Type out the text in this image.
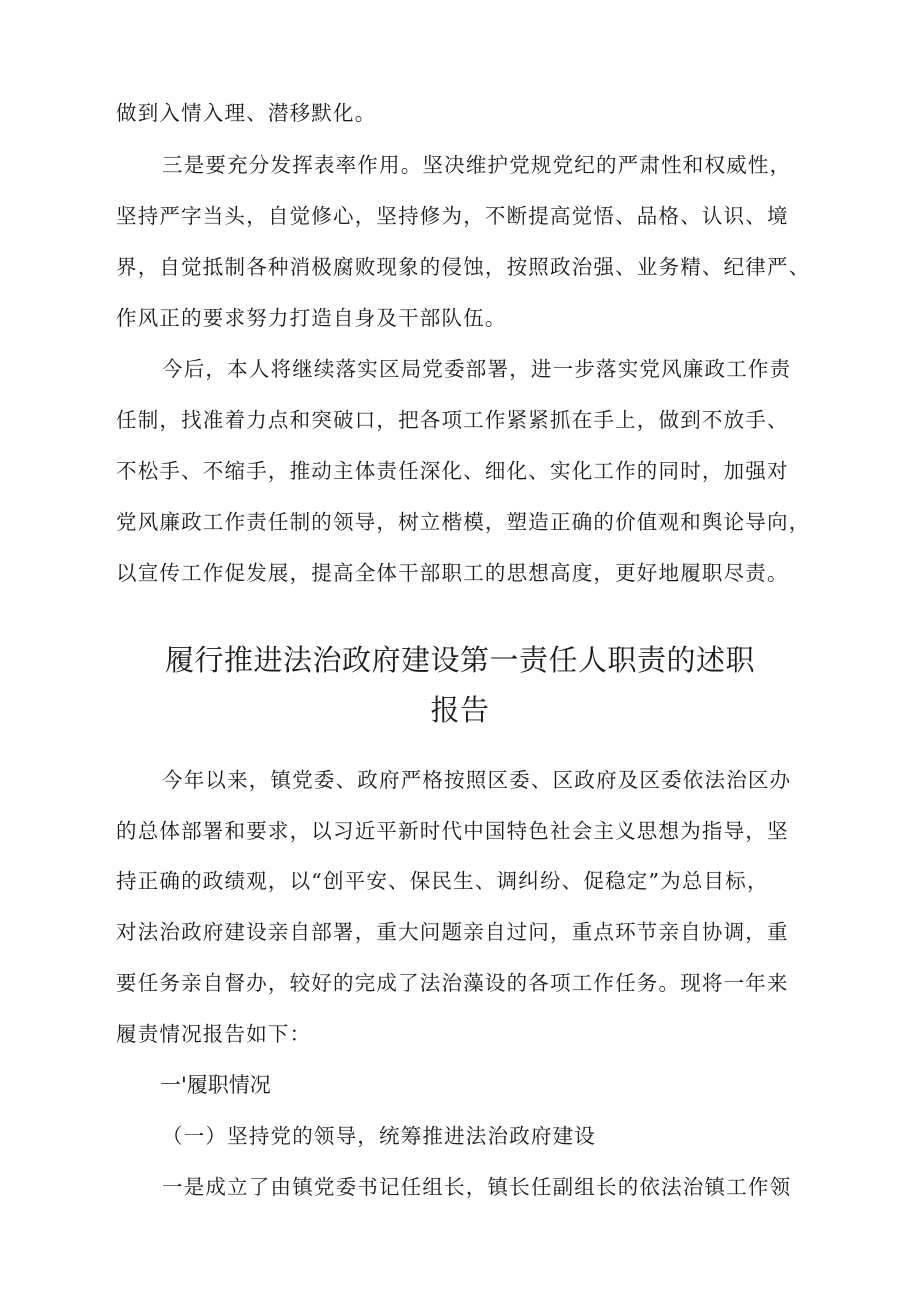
做到入情入理、潜移默化。
三是要充分发挥表率作用。坚决维护党规党纪的严肃性和权威性，
坚持严字当头，自觉修心，坚持修为，不断提高觉悟、品格、认识、境
界，自觉抵制各种消极腐败现象的侵蚀，按照政治强、业务精、纪律严、
作风正的要求努力打造自身及干部队伍。
今后，本人将继续落实区局党委部署，进一步落实党风廉政工作责
任制，找准着力点和突破口，把各项工作紧紧抓在手上，做到不放手、
不松手、不缩手，推动主体责任深化、细化、实化工作的同时，加强对
党风廉政工作责任制的领导，树立楷模，塑造正确的价值观和舆论导向，
以宣传工作促发展，提高全体干部职工的思想高度，更好地履职尽责。
履行推进法治政府建设第一责任人职责的述职
报告
今年以来，镇党委、政府严格按照区委、区政府及区委依法治区办
的总体部署和要求，以习近平新时代中国特色社会主义思想为指导，坚
持正确的政绩观，以“创平安、保民生、调纠纷、促稳定”为总目标，
对法治政府建设亲自部署，重大问题亲自过问，重点环节亲自协调，重
要任务亲自督办，较好的完成了法治藻设的各项工作任务。现将一年来
履责情况报告如下：
一'履职情况
（一）坚持党的领导，统筹推进法治政府建设
一是成立了由镇党委书记任组长，镇长任副组长的依法治镇工作领
